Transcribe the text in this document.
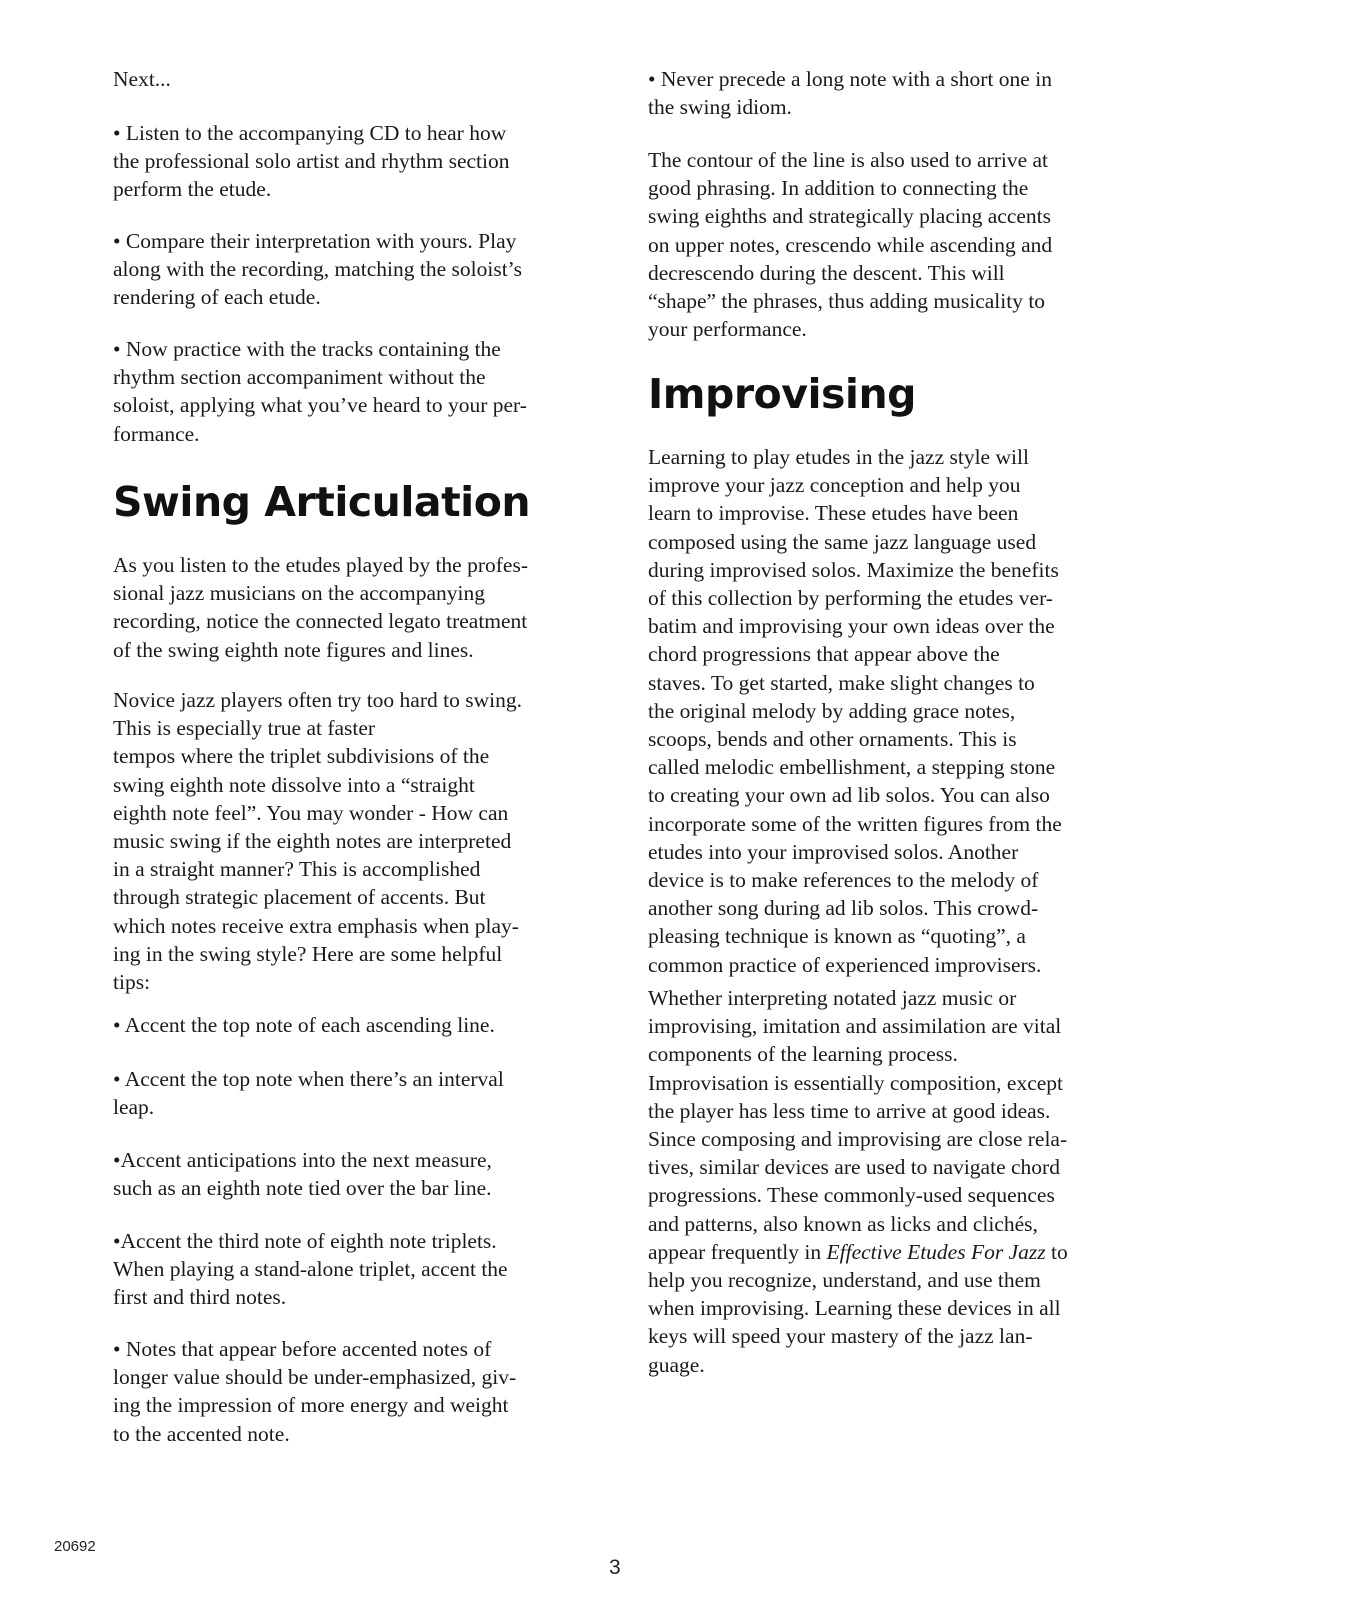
Next...

• Listen to the accompanying CD to hear how
the professional solo artist and rhythm section
perform the etude.

• Compare their interpretation with yours. Play
along with the recording, matching the soloist’s
rendering of each etude.

• Now practice with the tracks containing the
rhythm section accompaniment without the
soloist, applying what you’ve heard to your per-
formance.

Swing Articulation

As you listen to the etudes played by the profes-
sional jazz musicians on the accompanying
recording, notice the connected legato treatment
of the swing eighth note figures and lines.

Novice jazz players often try too hard to swing.
This is especially true at faster
tempos where the triplet subdivisions of the
swing eighth note dissolve into a “straight
eighth note feel”. You may wonder - How can
music swing if the eighth notes are interpreted
in a straight manner? This is accomplished
through strategic placement of accents. But
which notes receive extra emphasis when play-
ing in the swing style? Here are some helpful
tips:

• Accent the top note of each ascending line.

• Accent the top note when there’s an interval
leap.

•Accent anticipations into the next measure,
such as an eighth note tied over the bar line.

•Accent the third note of eighth note triplets.
When playing a stand-alone triplet, accent the
first and third notes.

• Notes that appear before accented notes of
longer value should be under-emphasized, giv-
ing the impression of more energy and weight
to the accented note.

• Never precede a long note with a short one in
the swing idiom.

The contour of the line is also used to arrive at
good phrasing. In addition to connecting the
swing eighths and strategically placing accents
on upper notes, crescendo while ascending and
decrescendo during the descent. This will
“shape” the phrases, thus adding musicality to
your performance.

Improvising

Learning to play etudes in the jazz style will
improve your jazz conception and help you
learn to improvise. These etudes have been
composed using the same jazz language used
during improvised solos. Maximize the benefits
of this collection by performing the etudes ver-
batim and improvising your own ideas over the
chord progressions that appear above the
staves. To get started, make slight changes to
the original melody by adding grace notes,
scoops, bends and other ornaments. This is
called melodic embellishment, a stepping stone
to creating your own ad lib solos. You can also
incorporate some of the written figures from the
etudes into your improvised solos. Another
device is to make references to the melody of
another song during ad lib solos. This crowd-
pleasing technique is known as “quoting”, a
common practice of experienced improvisers.

Whether interpreting notated jazz music or
improvising, imitation and assimilation are vital
components of the learning process.
Improvisation is essentially composition, except
the player has less time to arrive at good ideas.
Since composing and improvising are close rela-
tives, similar devices are used to navigate chord
progressions. These commonly-used sequences
and patterns, also known as licks and clichés,
appear frequently in Effective Etudes For Jazz to
help you recognize, understand, and use them
when improvising. Learning these devices in all
keys will speed your mastery of the jazz lan-
guage.

20692
3
